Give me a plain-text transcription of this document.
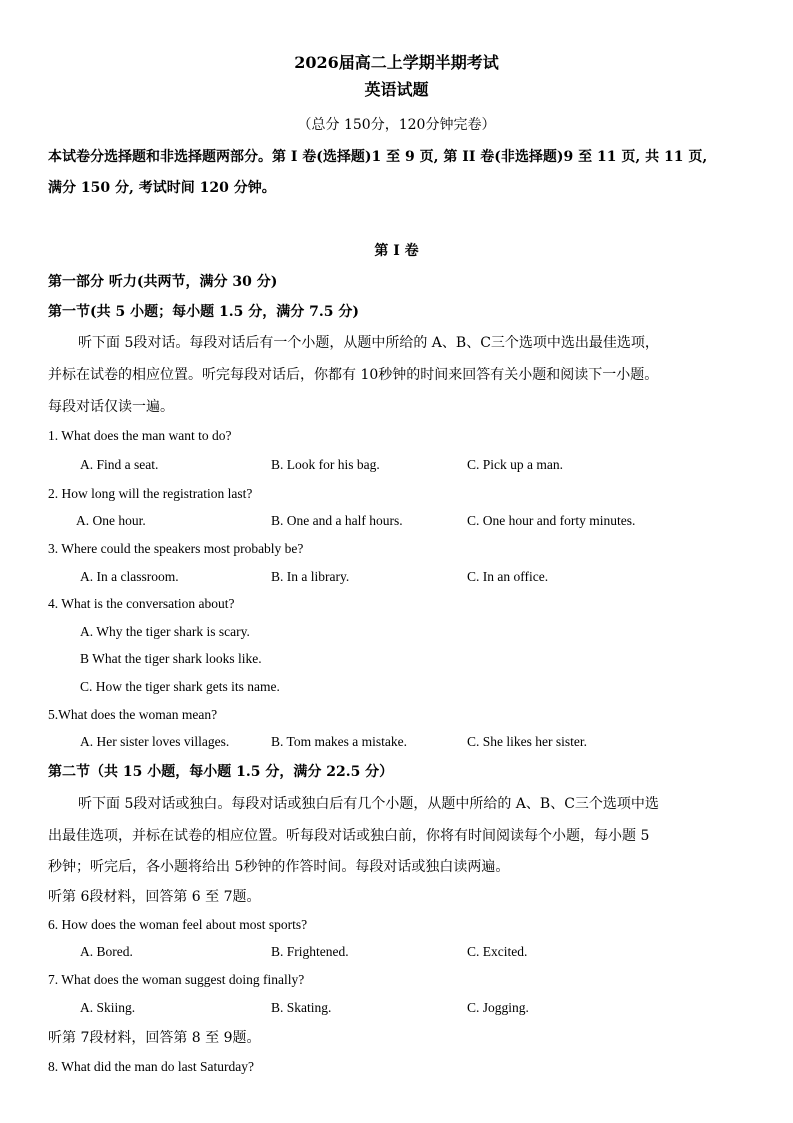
2026届高二上学期半期考试
英语试题
（总分 150分，120分钟完卷）
本试卷分选择题和非选择题两部分。第 I 卷(选择题)1 至 9 页, 第 II 卷(非选择题)9 至 11 页, 共 11 页,
满分 150 分, 考试时间 120 分钟。
第 I 卷
第一部分 听力(共两节，满分 30 分)
第一节(共 5 小题；每小题 1.5 分，满分 7.5 分)
听下面 5段对话。每段对话后有一个小题，从题中所给的 A、B、C三个选项中选出最佳选项，
并标在试卷的相应位置。听完每段对话后，你都有 10秒钟的时间来回答有关小题和阅读下一小题。
每段对话仅读一遍。
1. What does the man want to do?
A. Find a seat.	B. Look for his bag.	C. Pick up a man.
2. How long will the registration last?
A. One hour.	B. One and a half hours.	C. One hour and forty minutes.
3. Where could the speakers most probably be?
A. In a classroom.	B. In a library.	C. In an office.
4. What is the conversation about?
A. Why the tiger shark is scary.
B What the tiger shark looks like.
C. How the tiger shark gets its name.
5.What does the woman mean?
A. Her sister loves villages.	B. Tom makes a mistake.	C. She likes her sister.
第二节（共 15 小题，每小题 1.5 分，满分 22.5 分）
听下面 5段对话或独白。每段对话或独白后有几个小题，从题中所给的 A、B、C三个选项中选
出最佳选项，并标在试卷的相应位置。听每段对话或独白前，你将有时间阅读每个小题，每小题 5
秒钟；听完后，各小题将给出 5秒钟的作答时间。每段对话或独白读两遍。
听第 6段材料，回答第 6 至 7题。
6. How does the woman feel about most sports?
A. Bored.	B. Frightened.	C. Excited.
7. What does the woman suggest doing finally?
A. Skiing.	B. Skating.	C. Jogging.
听第 7段材料，回答第 8 至 9题。
8. What did the man do last Saturday?
